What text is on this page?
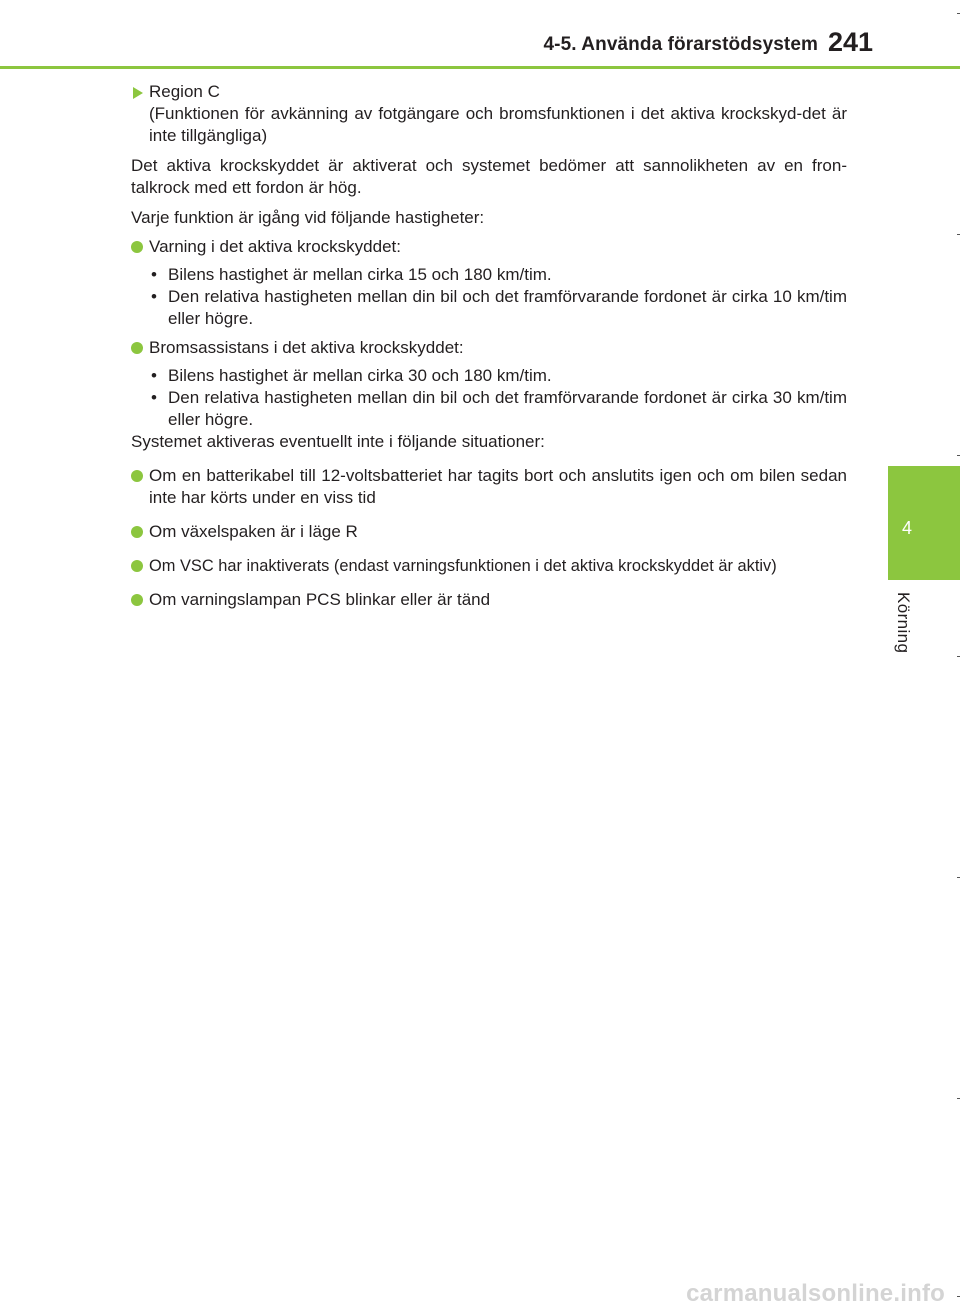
4-5. Använda förarstödsystem 241
4
Körning

Region C

(Funktionen för avkänning av fotgängare och bromsfunktionen i det aktiva krockskyd-det är inte tillgängliga)

Det aktiva krockskyddet är aktiverat och systemet bedömer att sannolikheten av en fron-talkrock med ett fordon är hög.

Varje funktion är igång vid följande hastigheter:

Varning i det aktiva krockskyddet:

• Bilens hastighet är mellan cirka 15 och 180 km/tim.
• Den relativa hastigheten mellan din bil och det framförvarande fordonet är cirka 10 km/tim eller högre.

Bromsassistans i det aktiva krockskyddet:

• Bilens hastighet är mellan cirka 30 och 180 km/tim.
• Den relativa hastigheten mellan din bil och det framförvarande fordonet är cirka 30 km/tim eller högre.

Systemet aktiveras eventuellt inte i följande situationer:

Om en batterikabel till 12-voltsbatteriet har tagits bort och anslutits igen och om bilen sedan inte har körts under en viss tid

Om växelspaken är i läge R

Om VSC har inaktiverats (endast varningsfunktionen i det aktiva krockskyddet är aktiv)

Om varningslampan PCS blinkar eller är tänd

carmanualsonline.info
